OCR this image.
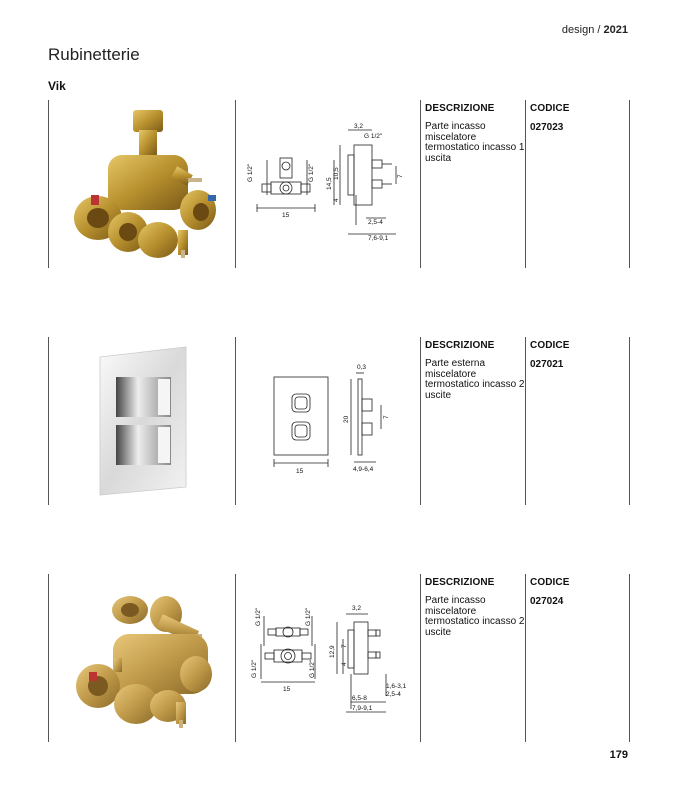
design / 2021
Rubinetterie
Vik
G 1/2"	G 1/2"
15
3,2
G 1/2"
14,5
10,5
4
7
2,5-4
7,6-9,1
DESCRIZIONE	CODICE
Parte incasso miscelatore termostatico incasso 1 uscita
027023
0,3
20	7
15	4,9-6,4
DESCRIZIONE	CODICE
Parte esterna miscelatore termostatico incasso 2 uscite
027021
G 1/2"	G 1/2"
G 1/2"	G 1/2"
15
3,2
12,9 7
4
1,6-3,1
2,5-4
6,5-8
7,9-9,1
DESCRIZIONE	CODICE
Parte incasso miscelatore termostatico incasso 2 uscite
027024
179
